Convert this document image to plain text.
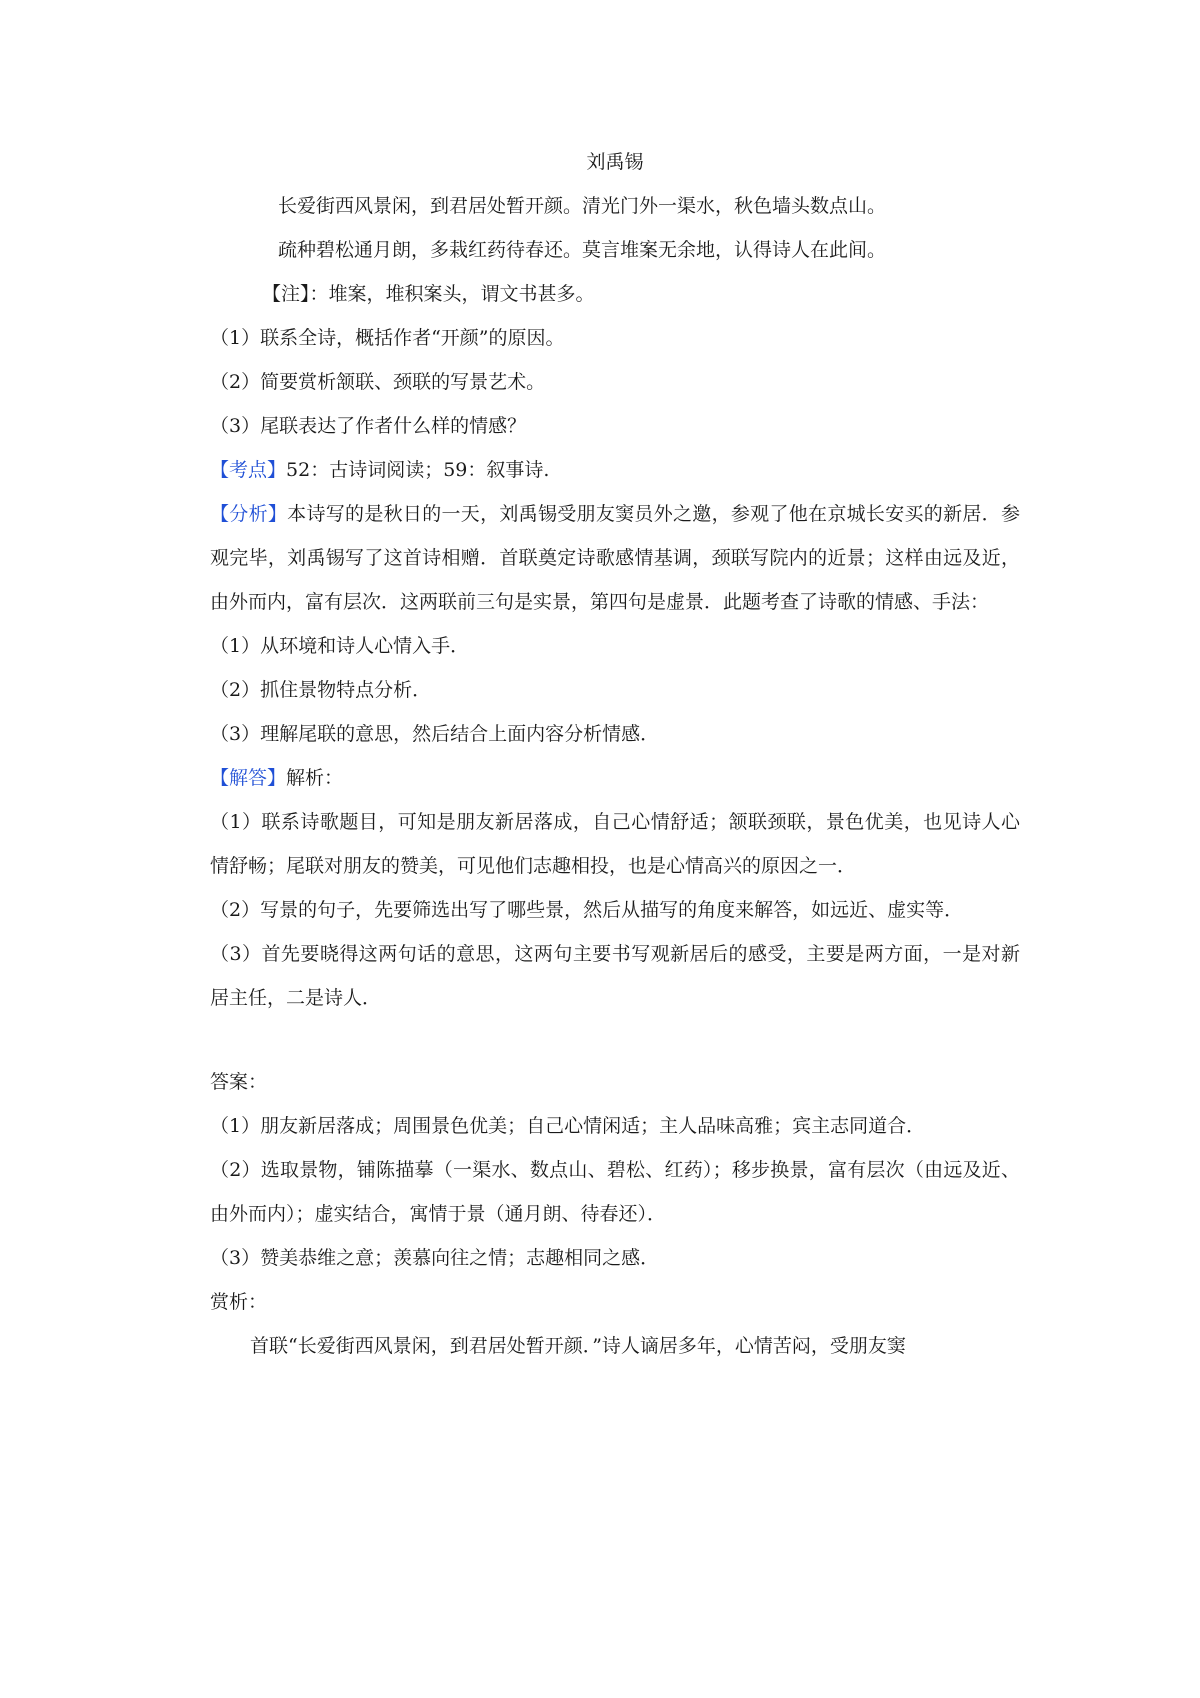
刘禹锡
长爱街西风景闲，到君居处暂开颜。清光门外一渠水，秋色墙头数点山。
疏种碧松通月朗，多栽红药待春还。莫言堆案无余地，认得诗人在此间。
【注】：堆案，堆积案头，谓文书甚多。
（1）联系全诗，概括作者“开颜”的原因。
（2）简要赏析颔联、颈联的写景艺术。
（3）尾联表达了作者什么样的情感？
【考点】52：古诗词阅读；59：叙事诗.
【分析】本诗写的是秋日的一天，刘禹锡受朋友窦员外之邀，参观了他在京城长安买的新居．参观完毕，刘禹锡写了这首诗相赠．首联奠定诗歌感情基调，颈联写院内的近景；这样由远及近，由外而内，富有层次．这两联前三句是实景，第四句是虚景．此题考查了诗歌的情感、手法：
（1）从环境和诗人心情入手．
（2）抓住景物特点分析．
（3）理解尾联的意思，然后结合上面内容分析情感．
【解答】解析：
（1）联系诗歌题目，可知是朋友新居落成，自己心情舒适；颔联颈联，景色优美，也见诗人心情舒畅；尾联对朋友的赞美，可见他们志趣相投，也是心情高兴的原因之一．
（2）写景的句子，先要筛选出写了哪些景，然后从描写的角度来解答，如远近、虚实等．
（3）首先要晓得这两句话的意思，这两句主要书写观新居后的感受，主要是两方面，一是对新居主任，二是诗人．
答案：
（1）朋友新居落成；周围景色优美；自己心情闲适；主人品味高雅；宾主志同道合．
（2）选取景物，铺陈描摹（一渠水、数点山、碧松、红药）；移步换景，富有层次（由远及近、由外而内）；虚实结合，寓情于景（通月朗、待春还）．
（3）赞美恭维之意；羡慕向往之情；志趣相同之感．
赏析：
首联“长爱街西风景闲，到君居处暂开颜．”诗人谪居多年，心情苦闷，受朋友窦
